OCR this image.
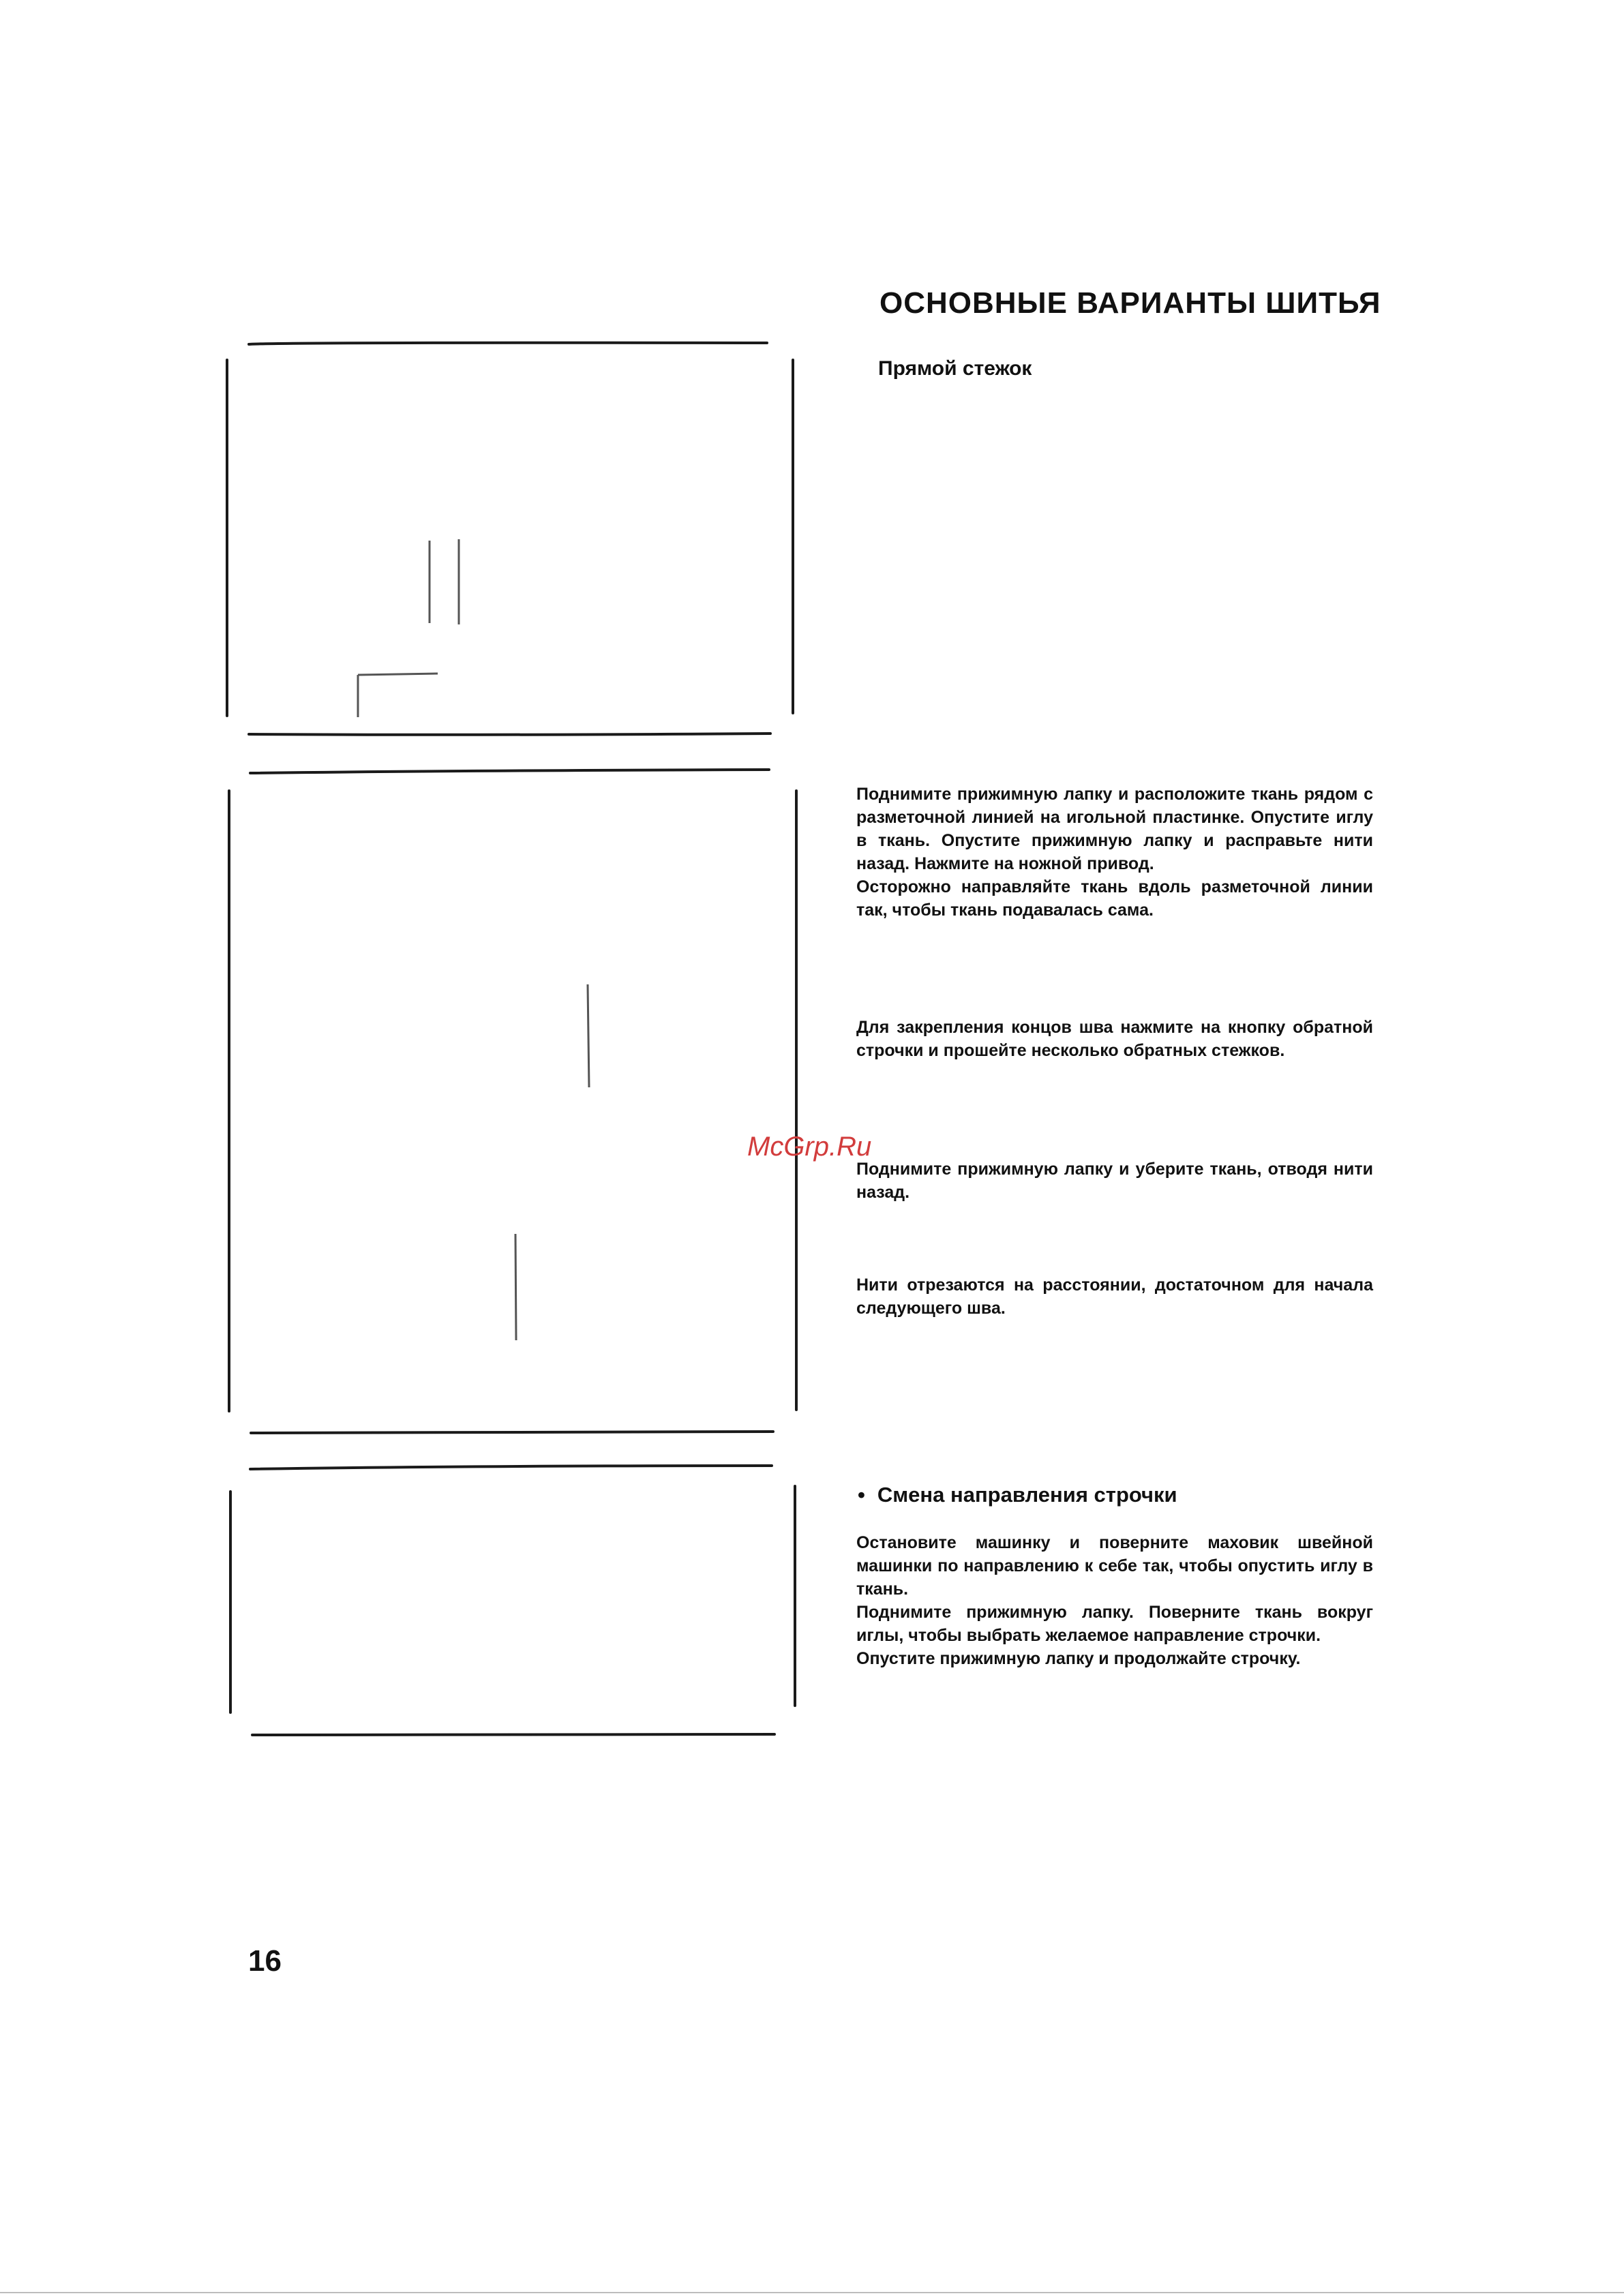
ОСНОВНЫЕ ВАРИАНТЫ ШИТЬЯ
Прямой стежок

Поднимите прижимную лапку и расположите ткань рядом с разметочной линией на игольной пластинке. Опустите иглу в ткань. Опустите прижимную лапку и расправьте нити назад. Нажмите на ножной привод.

Осторожно направляйте ткань вдоль разметочной линии так, чтобы ткань подавалась сама.

Для закрепления концов шва нажмите на кнопку обратной строчки и прошейте несколько обратных стежков.

Поднимите прижимную лапку и уберите ткань, отводя нити назад.

Нити отрезаются на расстоянии, достаточном для начала следующего шва.

• Смена направления строчки

Остановите машинку и поверните маховик швейной машинки по направлению к себе так, чтобы опустить иглу в ткань.

Поднимите прижимную лапку. Поверните ткань вокруг иглы, чтобы выбрать желаемое направление строчки.

Опустите прижимную лапку и продолжайте строчку.

McGrp.Ru
16
